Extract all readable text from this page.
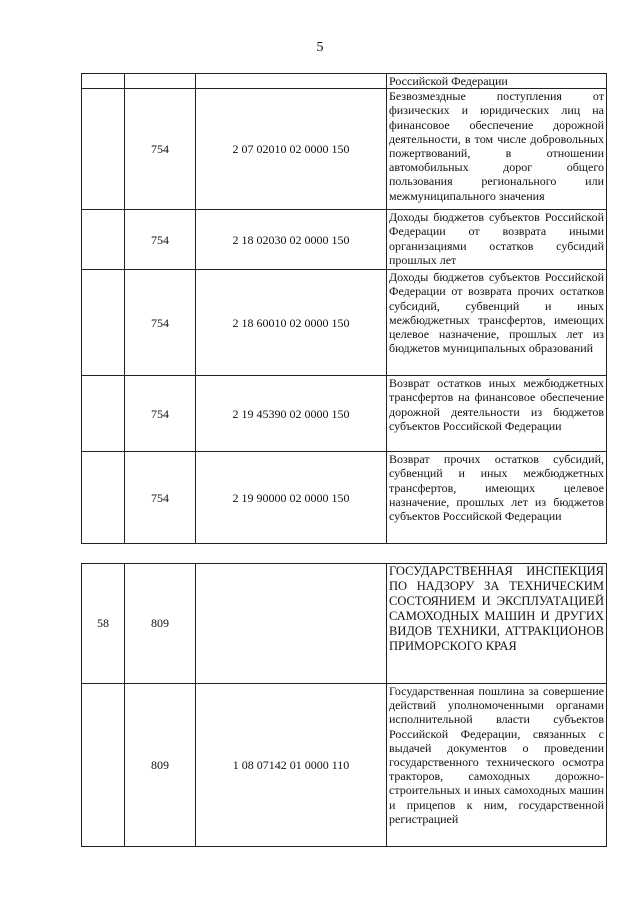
5

			Российской Федерации

	754	2 07 02010 02 0000 150	Безвозмездные поступления от физических и юридических лиц на финансовое обеспечение дорожной деятельности, в том числе добровольных пожертвований, в отношении автомобильных дорог общего пользования регионального или межмуниципального значения

	754	2 18 02030 02 0000 150	Доходы бюджетов субъектов Российской Федерации от возврата иными организациями остатков субсидий прошлых лет

	754	2 18 60010 02 0000 150	Доходы бюджетов субъектов Российской Федерации от возврата прочих остатков субсидий, субвенций и иных межбюджетных трансфертов, имеющих целевое назначение, прошлых лет из бюджетов муниципальных образований

	754	2 19 45390 02 0000 150	Возврат остатков иных межбюджетных трансфертов на финансовое обеспечение дорожной деятельности из бюджетов субъектов Российской Федерации

	754	2 19 90000 02 0000 150	Возврат прочих остатков субсидий, субвенций и иных межбюджетных трансфертов, имеющих целевое назначение, прошлых лет из бюджетов субъектов Российской Федерации
58	809		ГОСУДАРСТВЕННАЯ ИНСПЕКЦИЯ ПО НАДЗОРУ ЗА ТЕХНИЧЕСКИМ СОСТОЯНИЕМ И ЭКСПЛУАТАЦИЕЙ САМОХОДНЫХ МАШИН И ДРУГИХ ВИДОВ ТЕХНИКИ, АТТРАКЦИОНОВ ПРИМОРСКОГО КРАЯ

	809	1 08 07142 01 0000 110	Государственная пошлина за совершение действий уполномоченными органами исполнительной власти субъектов Российской Федерации, связанных с выдачей документов о проведении государственного технического осмотра тракторов, самоходных дорожно-строительных и иных самоходных машин и прицепов к ним, государственной регистрацией
